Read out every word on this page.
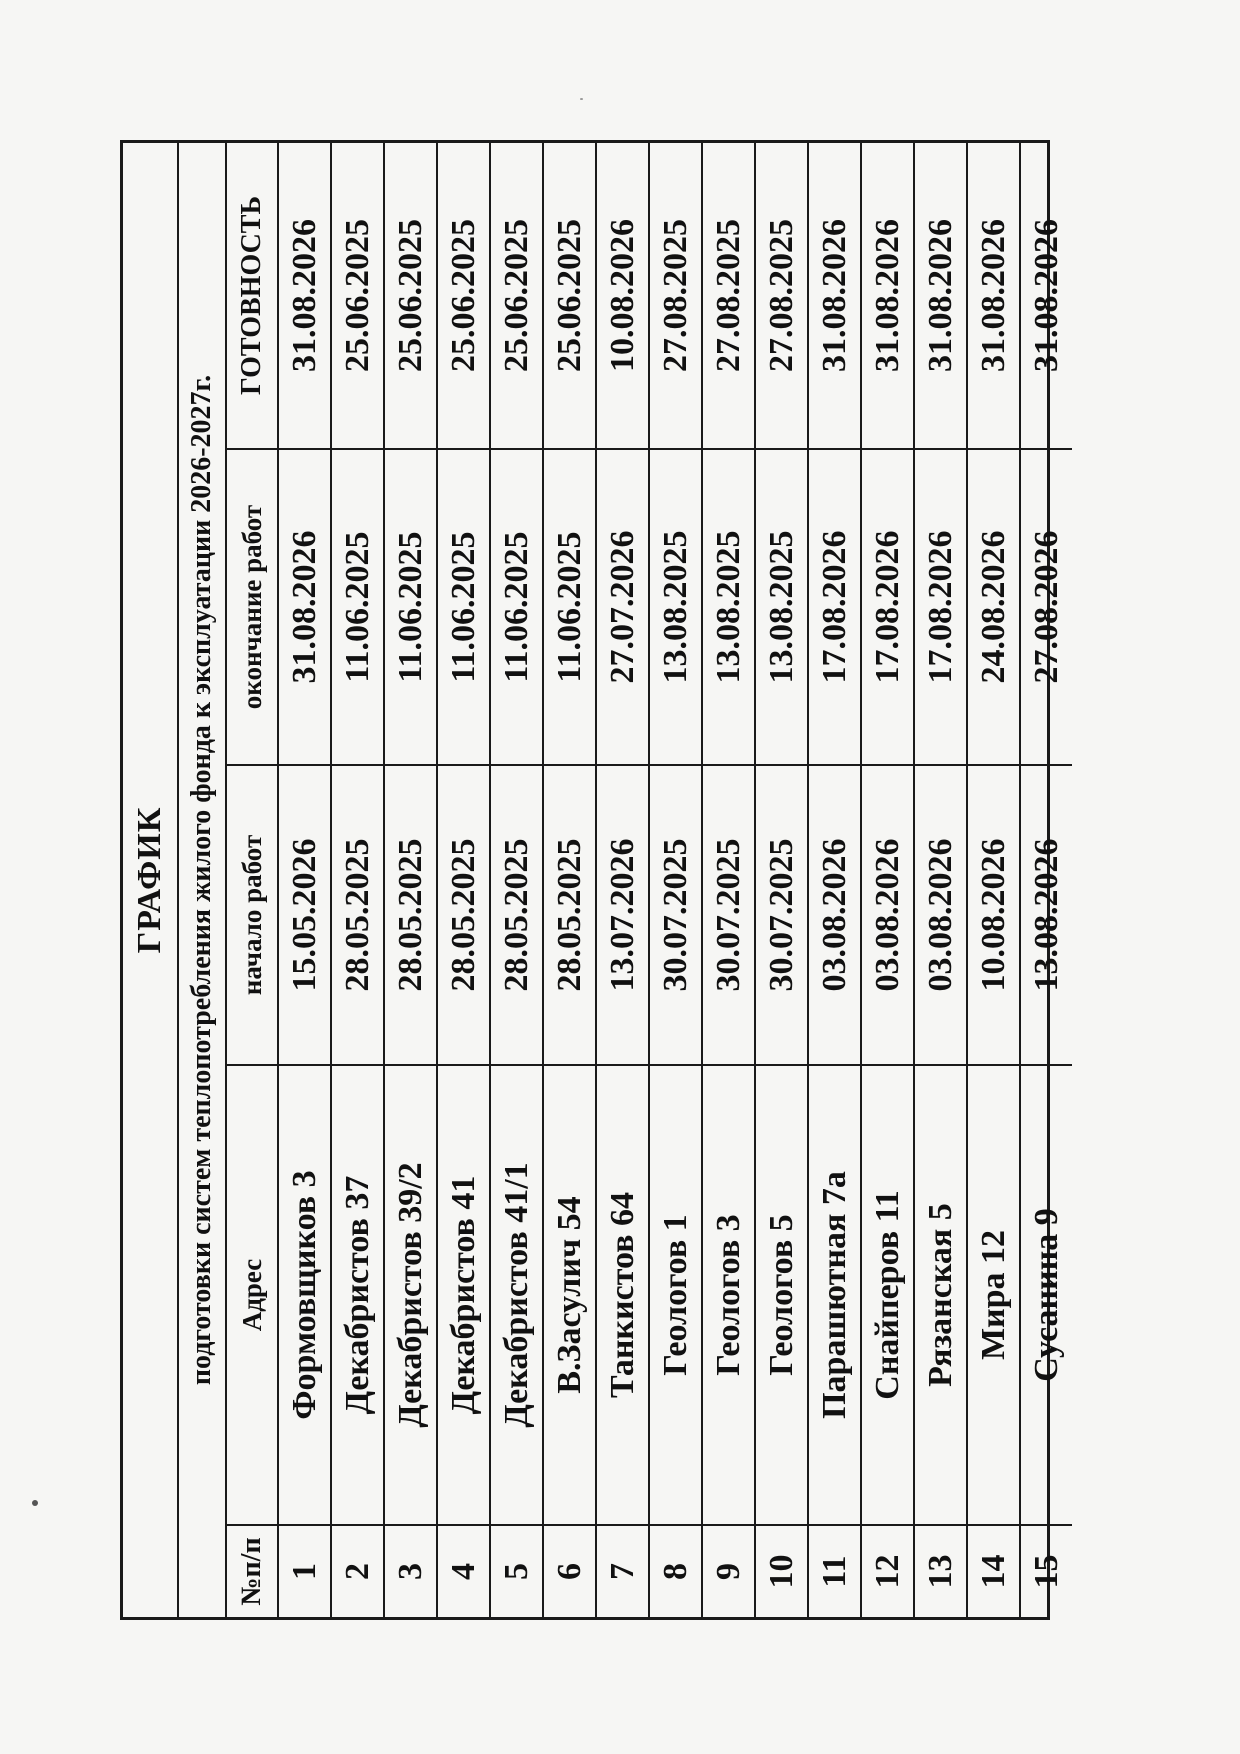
ГРАФИК подготовки систем теплопотребления жилого фонда к эксплуатации 2026-2027г.
№п/п	Адрес	начало работ	окончание работ	ГОТОВНОСТЬ
1	Формовщиков 3	15.05.2026	31.08.2026	31.08.2026
2	Декабристов 37	28.05.2025	11.06.2025	25.06.2025
3	Декабристов 39/2	28.05.2025	11.06.2025	25.06.2025
4	Декабристов 41	28.05.2025	11.06.2025	25.06.2025
5	Декабристов 41/1	28.05.2025	11.06.2025	25.06.2025
6	В.Засулич 54	28.05.2025	11.06.2025	25.06.2025
7	Танкистов 64	13.07.2026	27.07.2026	10.08.2026
8	Геологов 1	30.07.2025	13.08.2025	27.08.2025
9	Геологов 3	30.07.2025	13.08.2025	27.08.2025
10	Геологов 5	30.07.2025	13.08.2025	27.08.2025
11	Парашютная 7а	03.08.2026	17.08.2026	31.08.2026
12	Снайперов 11	03.08.2026	17.08.2026	31.08.2026
13	Рязанская 5	03.08.2026	17.08.2026	31.08.2026
14	Мира 12	10.08.2026	24.08.2026	31.08.2026
15	Сусанина 9	13.08.2026	27.08.2026	31.08.2026
